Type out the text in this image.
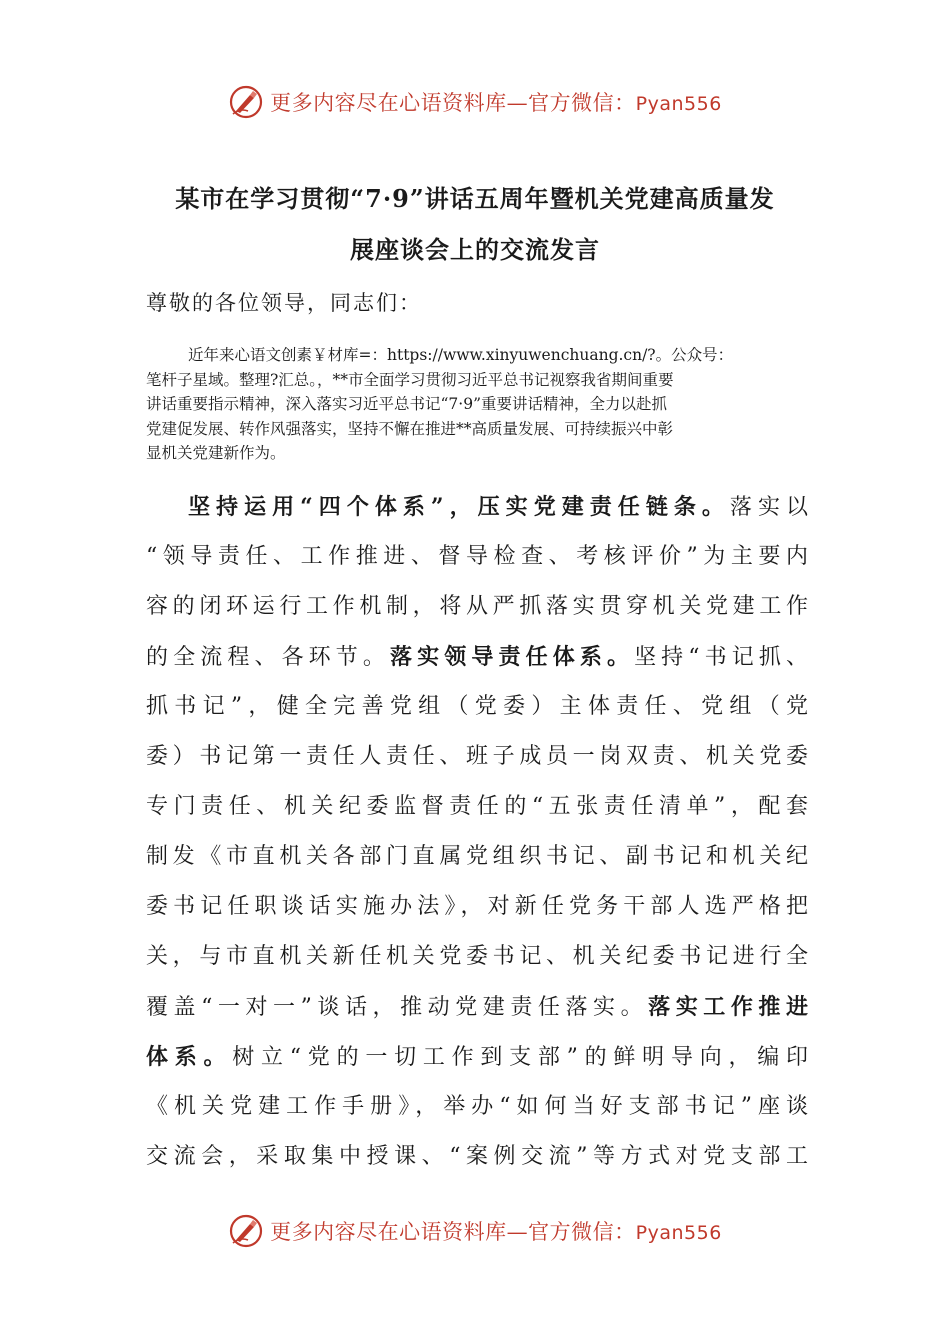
更多内容尽在心语资料库—官方微信：Pyan556
某市在学习贯彻“7·9”讲话五周年暨机关党建高质量发
展座谈会上的交流发言
尊敬的各位领导，同志们：
近年来心语文创素￥材库=：https://www.xinyuwenchuang.cn/?。公众号：
笔杆子星域。整理?汇总。，**市全面学习贯彻习近平总书记视察我省期间重要
讲话重要指示精神，深入落实习近平总书记“7·9”重要讲话精神，全力以赴抓
党建促发展、转作风强落实，坚持不懈在推进**高质量发展、可持续振兴中彰
显机关党建新作为。
坚持运用“四个体系”，压实党建责任链条。落实以
“领导责任、工作推进、督导检查、考核评价”为主要内
容的闭环运行工作机制，将从严抓落实贯穿机关党建工作
的全流程、各环节。落实领导责任体系。坚持“书记抓、
抓书记”，健全完善党组（党委）主体责任、党组（党
委）书记第一责任人责任、班子成员一岗双责、机关党委
专门责任、机关纪委监督责任的“五张责任清单”，配套
制发《市直机关各部门直属党组织书记、副书记和机关纪
委书记任职谈话实施办法》，对新任党务干部人选严格把
关，与市直机关新任机关党委书记、机关纪委书记进行全
覆盖“一对一”谈话，推动党建责任落实。落实工作推进
体系。树立“党的一切工作到支部”的鲜明导向，编印
《机关党建工作手册》，举办“如何当好支部书记”座谈
交流会，采取集中授课、“案例交流”等方式对党支部工
更多内容尽在心语资料库—官方微信：Pyan556
